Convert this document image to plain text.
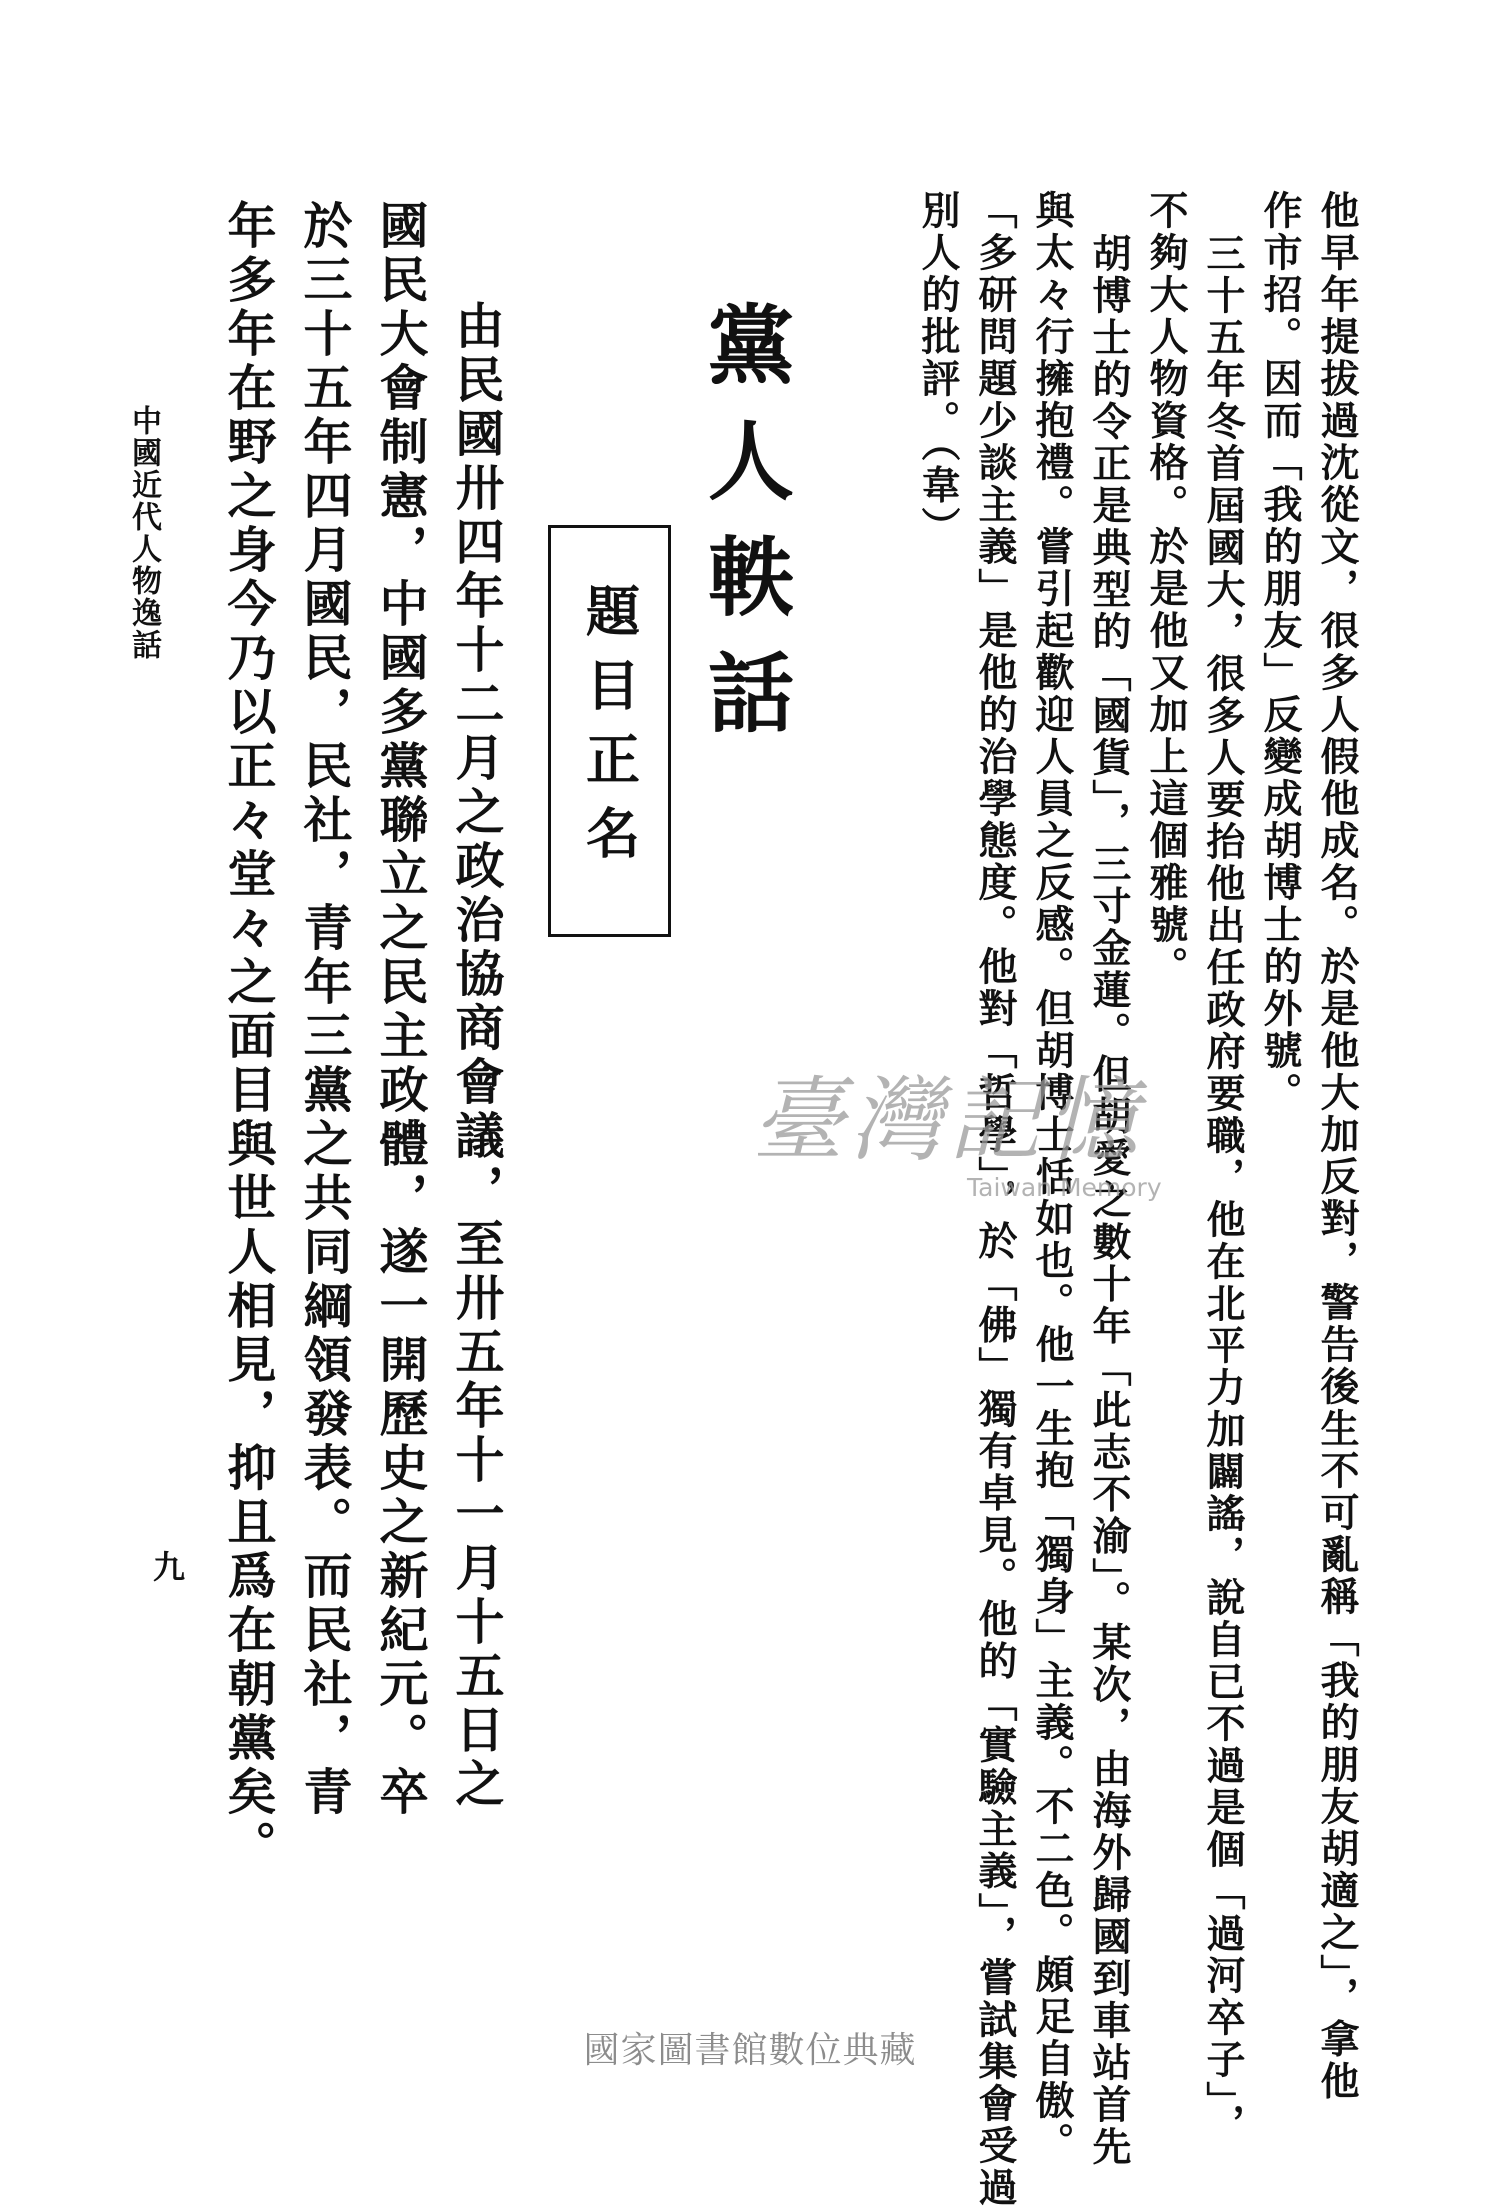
他早年提拔過沈從文，很多人假他成名。於是他大加反對，警告後生不可亂稱「我的朋友胡適之」，拿他
作市招。因而「我的朋友」反變成胡博士的外號。
三十五年冬首屆國大，很多人要抬他出任政府要職，他在北平力加闢謠，說自已不過是個「過河卒子」，
不夠大人物資格。於是他又加上這個雅號。
胡博士的令正是典型的「國貨」，三寸金蓮。但胡愛之數十年「此志不渝」。某次，由海外歸國到車站首先
與太々行擁抱禮。嘗引起歡迎人員之反感。但胡博士恬如也。他一生抱「獨身」主義。不二色。頗足自傲。
「多研問題少談主義」是他的治學態度。他對「哲學」，於「佛」獨有卓見。他的「實驗主義」，嘗試集會受過
別人的批評。（韋）
黨人軼話
題目正名
由民國卅四年十二月之政治協商會議，至卅五年十一月十五日之
國民大會制憲，中國多黨聯立之民主政體，遂一開歷史之新紀元。卒
於三十五年四月國民，民社，青年三黨之共同綱領發表。而民社，青
年多年在野之身今乃以正々堂々之面目與世人相見，抑且爲在朝黨矣。
中國近代人物逸話
九
臺灣記憶
Taiwan Memory
國家圖書館數位典藏
